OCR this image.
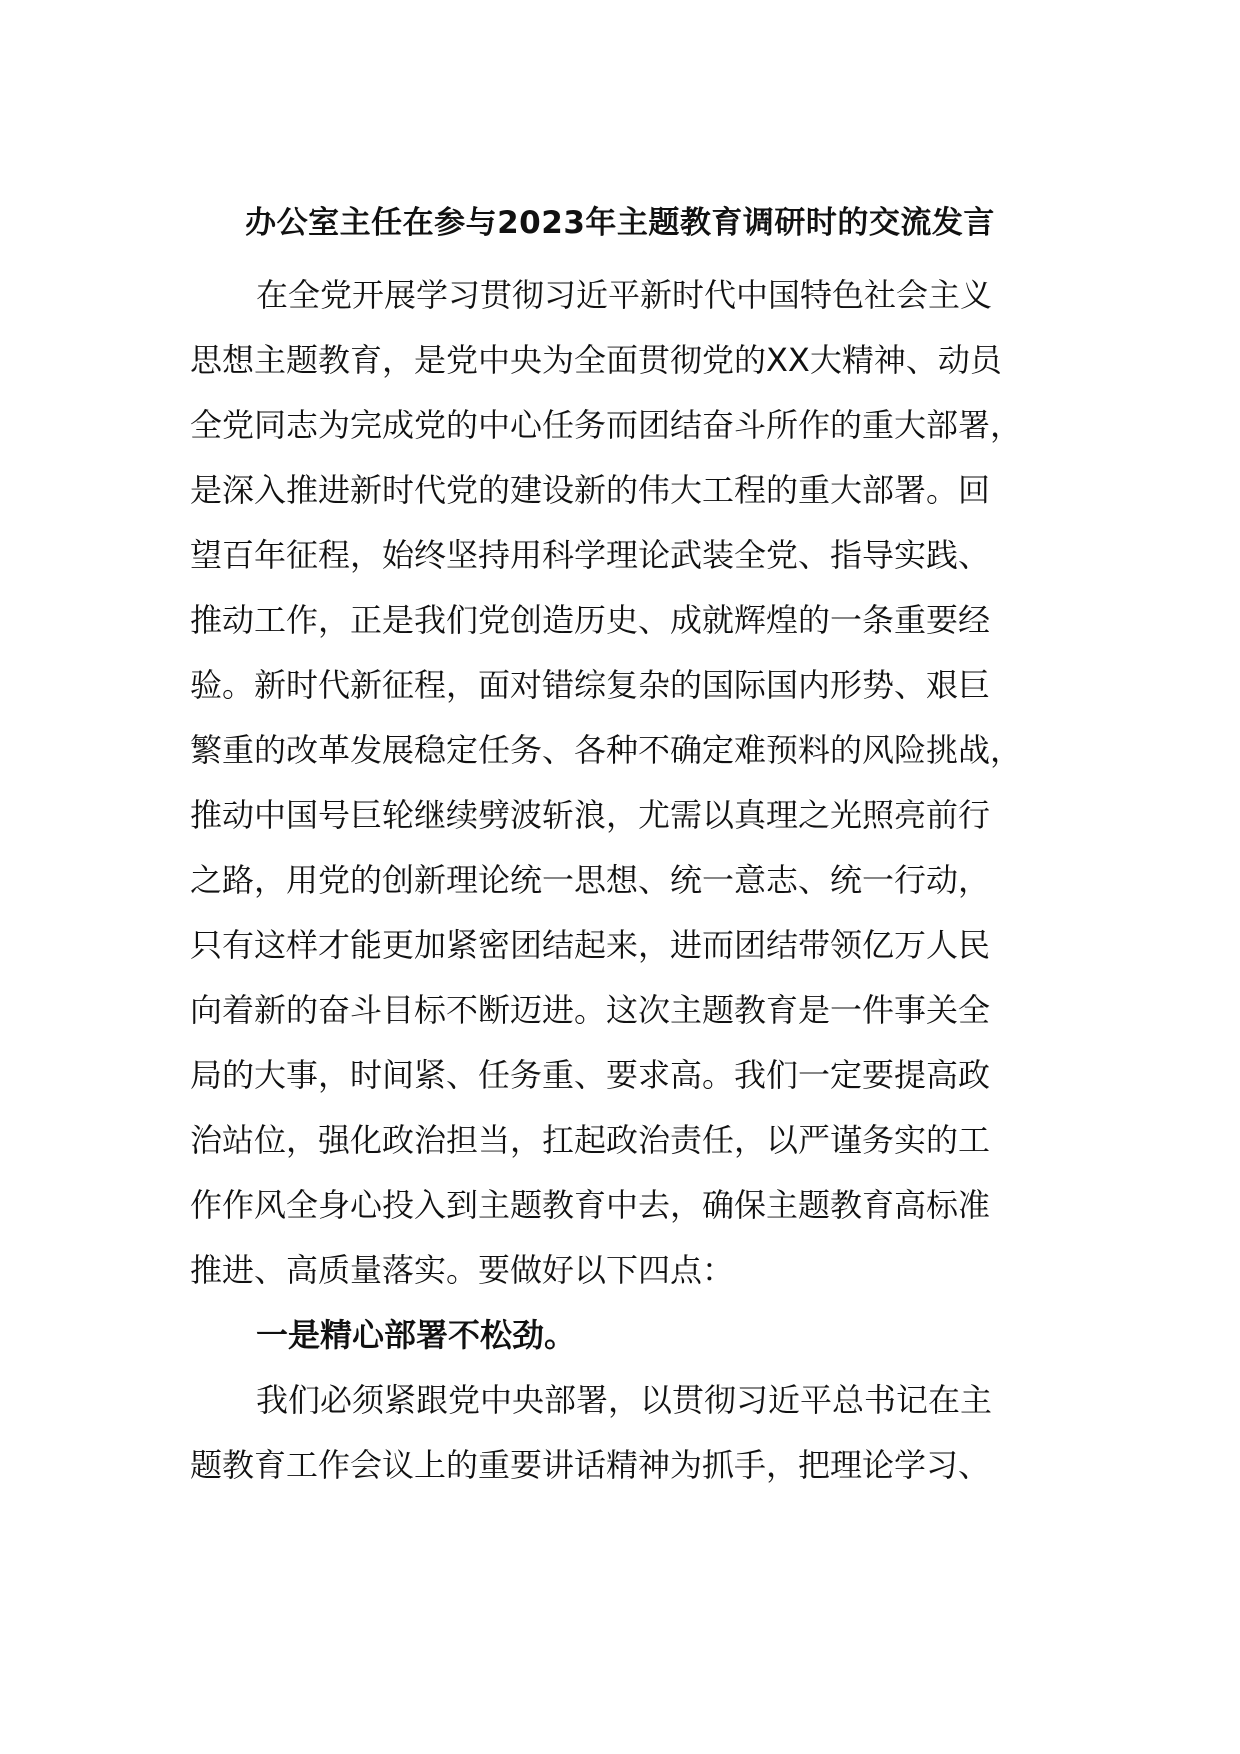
办公室主任在参与2023年主题教育调研时的交流发言
在全党开展学习贯彻习近平新时代中国特色社会主义
思想主题教育，是党中央为全面贯彻党的XX大精神、动员
全党同志为完成党的中心任务而团结奋斗所作的重大部署，
是深入推进新时代党的建设新的伟大工程的重大部署。回
望百年征程，始终坚持用科学理论武装全党、指导实践、
推动工作，正是我们党创造历史、成就辉煌的一条重要经
验。新时代新征程，面对错综复杂的国际国内形势、艰巨
繁重的改革发展稳定任务、各种不确定难预料的风险挑战，
推动中国号巨轮继续劈波斩浪，尤需以真理之光照亮前行
之路，用党的创新理论统一思想、统一意志、统一行动，
只有这样才能更加紧密团结起来，进而团结带领亿万人民
向着新的奋斗目标不断迈进。这次主题教育是一件事关全
局的大事，时间紧、任务重、要求高。我们一定要提高政
治站位，强化政治担当，扛起政治责任，以严谨务实的工
作作风全身心投入到主题教育中去，确保主题教育高标准
推进、高质量落实。要做好以下四点：
一是精心部署不松劲。
我们必须紧跟党中央部署，以贯彻习近平总书记在主
题教育工作会议上的重要讲话精神为抓手，把理论学习、
